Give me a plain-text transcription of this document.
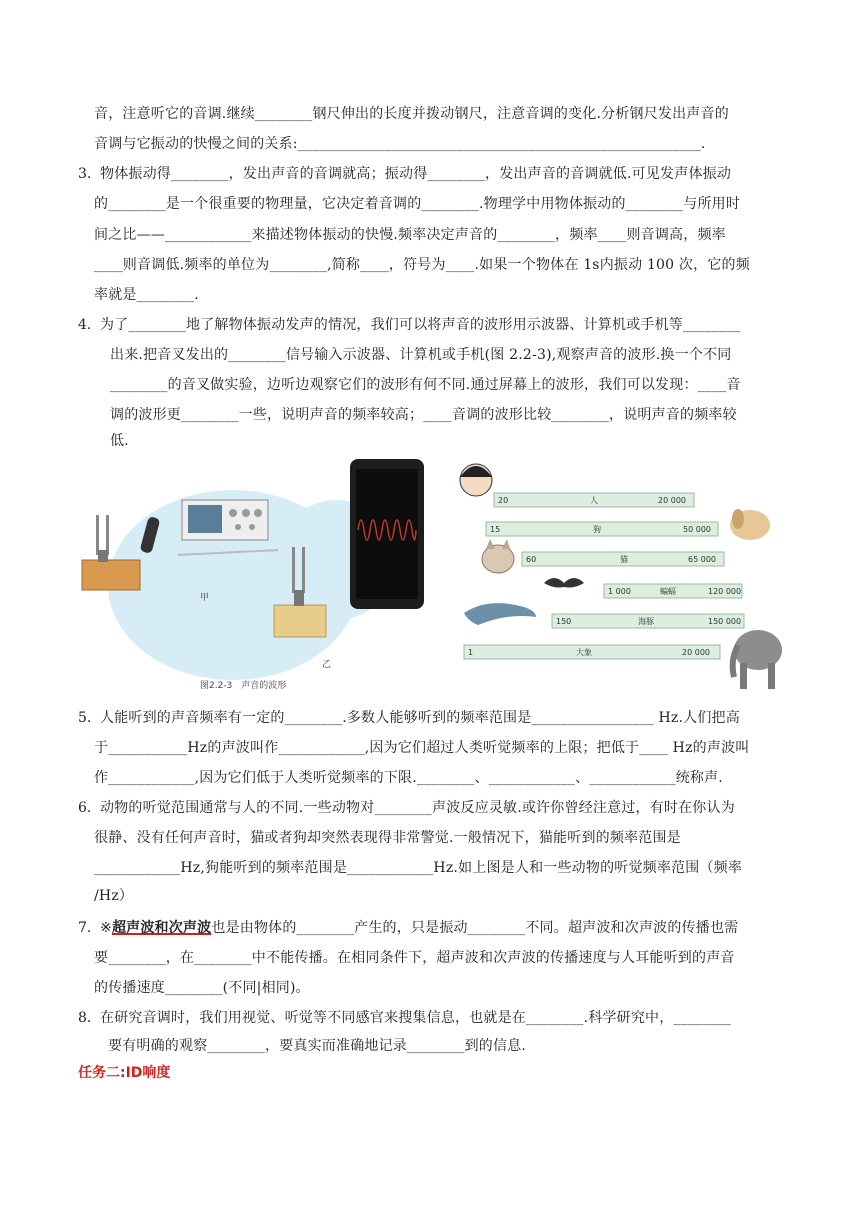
音，注意听它的音调.继续________钢尺伸出的长度并拨动钢尺，注意音调的变化.分析钢尺发出声音的
音调与它振动的快慢之间的关系:________________________________________________________.
3. 物体振动得________，发出声音的音调就高；振动得________，发出声音的音调就低.可见发声体振动
的________是一个很重要的物理量，它决定着音调的________.物理学中用物体振动的________与所用时
间之比——____________来描述物体振动的快慢.频率决定声音的________，频率____则音调高，频率
____则音调低.频率的单位为________,简称____，符号为____.如果一个物体在 1s内振动 100 次，它的频
率就是________.
4. 为了________地了解物体振动发声的情况，我们可以将声音的波形用示波器、计算机或手机等________
出来.把音叉发出的________信号输入示波器、计算机或手机(图 2.2-3),观察声音的波形.换一个不同
________的音叉做实验，边听边观察它们的波形有何不同.通过屏幕上的波形，我们可以发现：____音
调的波形更________一些，说明声音的频率较高；____音调的波形比较________，说明声音的频率较
低.
甲
乙
图2.2-3　声音的波形
20	人	20 000
15	狗	50 000
60	猫	65 000
1 000	蝙蝠	120 000
150	海豚	150 000
1	大象	20 000
5. 人能听到的声音频率有一定的________.多数人能够听到的频率范围是_________________ Hz.人们把高
于___________Hz的声波叫作____________,因为它们超过人类听觉频率的上限；把低于____ Hz的声波叫
作____________,因为它们低于人类听觉频率的下限.________、____________、____________统称声.
6. 动物的听觉范围通常与人的不同.一些动物对________声波反应灵敏.或许你曾经注意过，有时在你认为
很静、没有任何声音时，猫或者狗却突然表现得非常警觉.一般情况下，猫能听到的频率范围是
____________Hz,狗能听到的频率范围是____________Hz.如上图是人和一些动物的听觉频率范围（频率
/Hz）
7. ※超声波和次声波也是由物体的________产生的，只是振动________不同。超声波和次声波的传播也需
要________，在________中不能传播。在相同条件下，超声波和次声波的传播速度与人耳能听到的声音
的传播速度________(不同|相同)。
8. 在研究音调时，我们用视觉、听觉等不同感官来搜集信息，也就是在________.科学研究中，________
要有明确的观察________，要真实而准确地记录________到的信息.
任务二:ID响度
